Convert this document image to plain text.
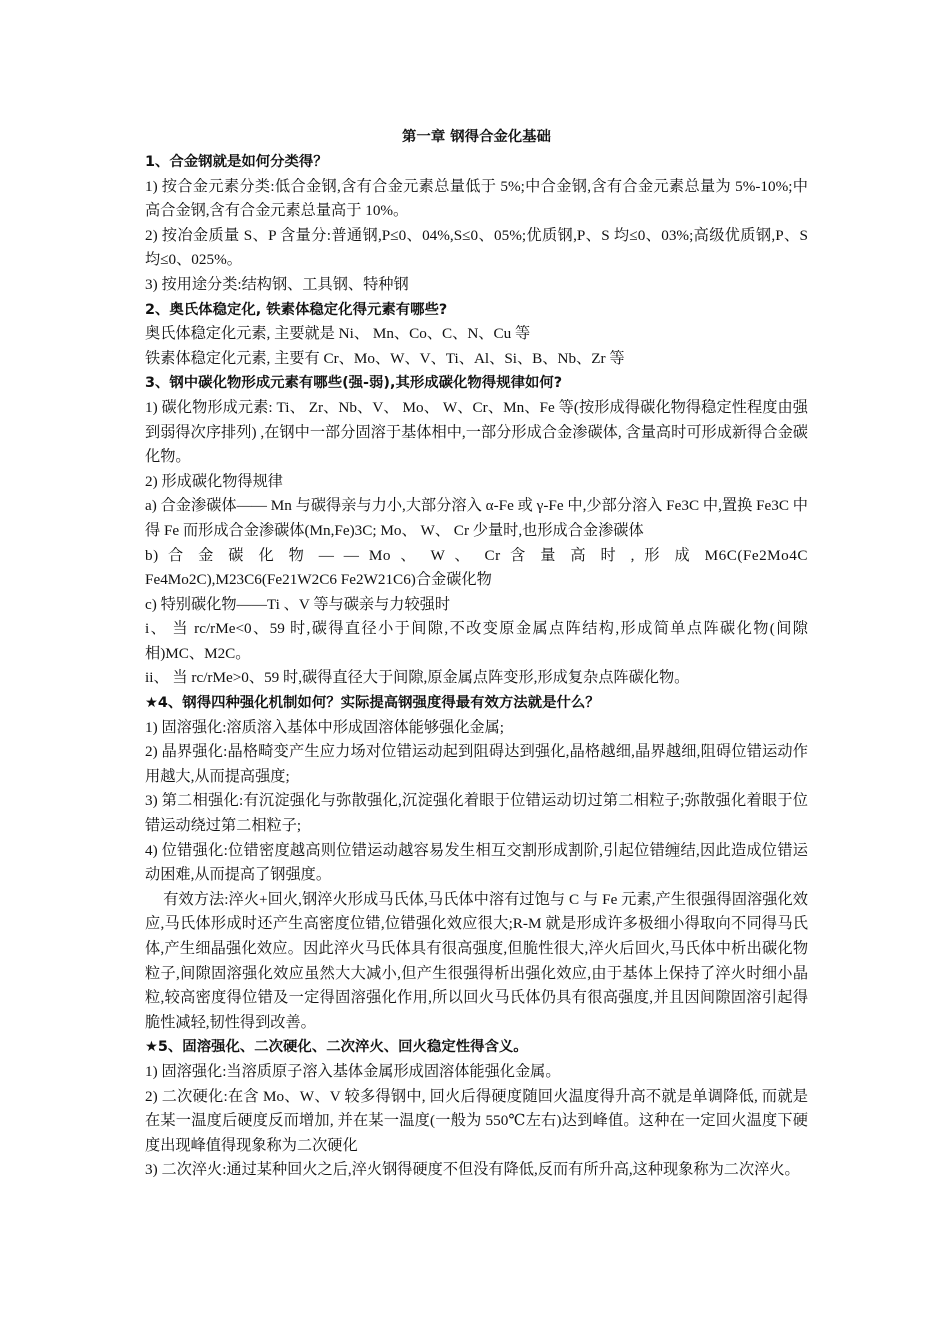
第一章 钢得合金化基础
1、合金钢就是如何分类得？
1) 按合金元素分类:低合金钢,含有合金元素总量低于 5%;中合金钢,含有合金元素总量为 5%-10%;中高合金钢,含有合金元素总量高于 10%。
2) 按冶金质量 S、P 含量分:普通钢,P≤0、04%,S≤0、05%;优质钢,P、S 均≤0、03%;高级优质钢,P、S 均≤0、025%。
3) 按用途分类:结构钢、工具钢、特种钢
2、奥氏体稳定化, 铁素体稳定化得元素有哪些?
奥氏体稳定化元素, 主要就是 Ni、 Mn、Co、C、N、Cu 等
铁素体稳定化元素, 主要有 Cr、Mo、W、V、Ti、Al、Si、B、Nb、Zr 等
3、钢中碳化物形成元素有哪些(强-弱),其形成碳化物得规律如何?
1) 碳化物形成元素: Ti、 Zr、Nb、V、 Mo、 W、Cr、Mn、Fe 等(按形成得碳化物得稳定性程度由强到弱得次序排列) ,在钢中一部分固溶于基体相中,一部分形成合金渗碳体, 含量高时可形成新得合金碳化物。
2) 形成碳化物得规律
a) 合金渗碳体—— Mn 与碳得亲与力小,大部分溶入 α-Fe 或 γ-Fe 中,少部分溶入 Fe3C 中,置换 Fe3C 中得 Fe 而形成合金渗碳体(Mn,Fe)3C; Mo、 W、 Cr 少量时,也形成合金渗碳体
b) 合 金 碳 化 物 — — Mo 、 W 、 Cr 含 量 高 时 , 形 成 M6C(Fe2Mo4C
Fe4Mo2C),M23C6(Fe21W2C6 Fe2W21C6)合金碳化物
c) 特别碳化物——Ti 、V 等与碳亲与力较强时
i、 当 rc/rMe<0、59 时,碳得直径小于间隙,不改变原金属点阵结构,形成简单点阵碳化物(间隙相)MC、M2C。
ii、 当 rc/rMe>0、59 时,碳得直径大于间隙,原金属点阵变形,形成复杂点阵碳化物。
★4、钢得四种强化机制如何？实际提高钢强度得最有效方法就是什么？
1) 固溶强化:溶质溶入基体中形成固溶体能够强化金属;
2) 晶界强化:晶格畸变产生应力场对位错运动起到阻碍达到强化,晶格越细,晶界越细,阻碍位错运动作用越大,从而提高强度;
3) 第二相强化:有沉淀强化与弥散强化,沉淀强化着眼于位错运动切过第二相粒子;弥散强化着眼于位错运动绕过第二相粒子;
4) 位错强化:位错密度越高则位错运动越容易发生相互交割形成割阶,引起位错缠结,因此造成位错运动困难,从而提高了钢强度。
有效方法:淬火+回火,钢淬火形成马氏体,马氏体中溶有过饱与 C 与 Fe 元素,产生很强得固溶强化效应,马氏体形成时还产生高密度位错,位错强化效应很大;R-M 就是形成许多极细小得取向不同得马氏体,产生细晶强化效应。因此淬火马氏体具有很高强度,但脆性很大,淬火后回火,马氏体中析出碳化物粒子,间隙固溶强化效应虽然大大减小,但产生很强得析出强化效应,由于基体上保持了淬火时细小晶粒,较高密度得位错及一定得固溶强化作用,所以回火马氏体仍具有很高强度,并且因间隙固溶引起得脆性减轻,韧性得到改善。
★5、固溶强化、二次硬化、二次淬火、回火稳定性得含义。
1) 固溶强化:当溶质原子溶入基体金属形成固溶体能强化金属。
2) 二次硬化:在含 Mo、W、V 较多得钢中, 回火后得硬度随回火温度得升高不就是单调降低, 而就是在某一温度后硬度反而增加, 并在某一温度(一般为 550℃左右)达到峰值。这种在一定回火温度下硬度出现峰值得现象称为二次硬化
3) 二次淬火:通过某种回火之后,淬火钢得硬度不但没有降低,反而有所升高,这种现象称为二次淬火。
